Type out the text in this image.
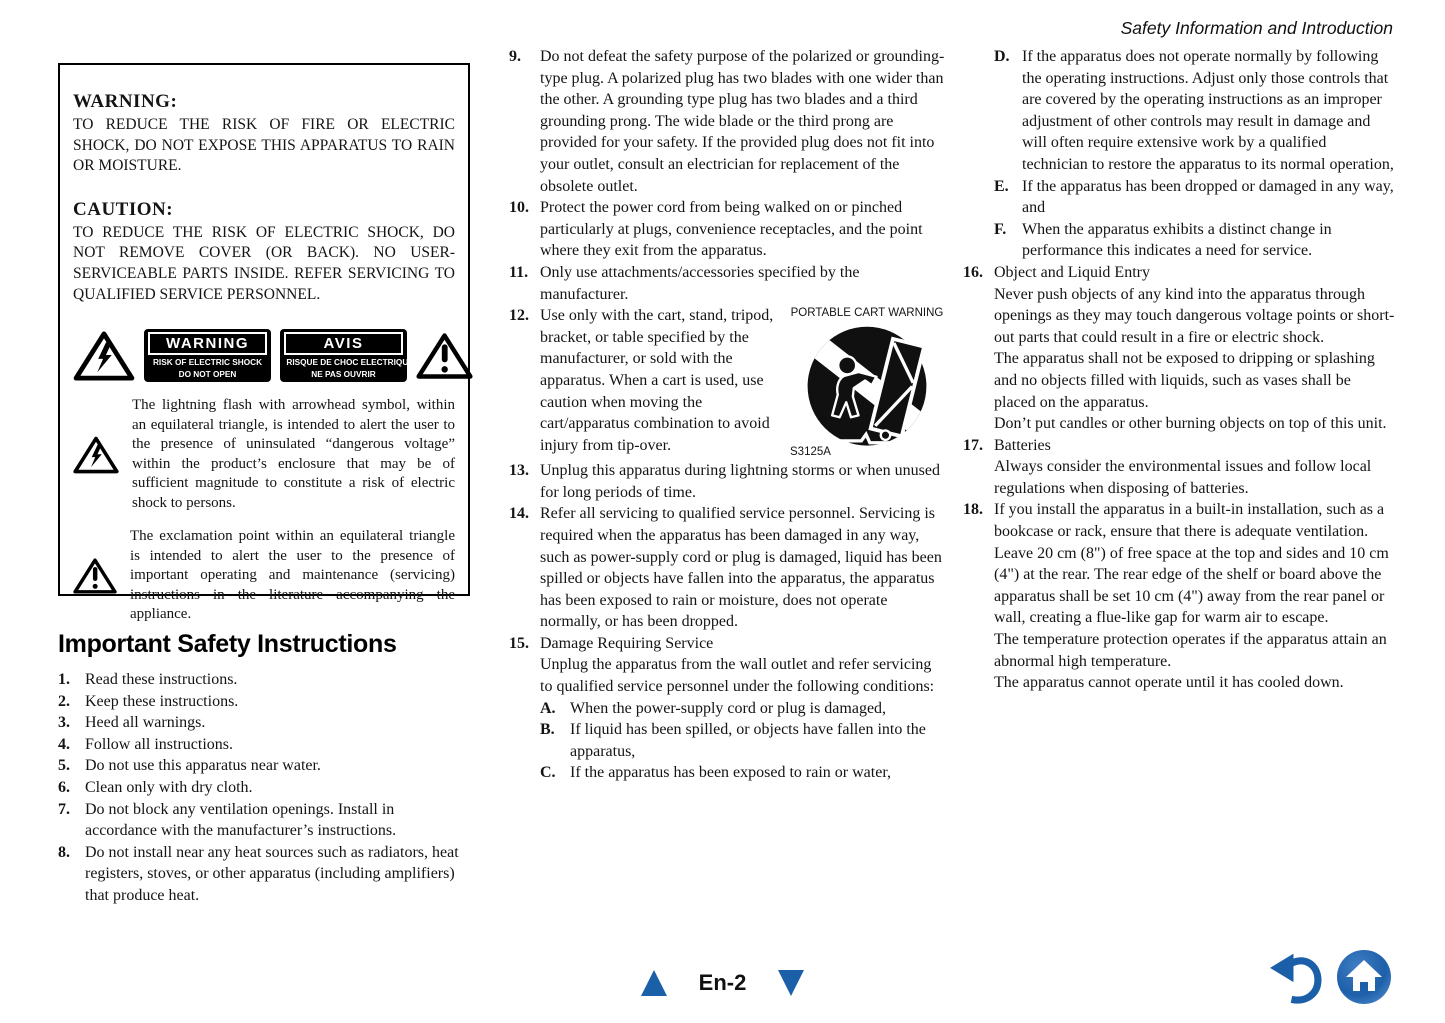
Safety Information and Introduction
WARNING:

TO REDUCE THE RISK OF FIRE OR ELECTRIC SHOCK, DO NOT EXPOSE THIS APPARATUS TO RAIN OR MOISTURE.

CAUTION:

TO REDUCE THE RISK OF ELECTRIC SHOCK, DO NOT REMOVE COVER (OR BACK). NO USER-SERVICEABLE PARTS INSIDE. REFER SERVICING TO QUALIFIED SERVICE PERSONNEL.

WARNING
RISK OF ELECTRIC SHOCK
DO NOT OPEN
AVIS
RISQUE DE CHOC ELECTRIQUE
NE PAS OUVRIR

The lightning flash with arrowhead symbol, within an equilateral triangle, is intended to alert the user to the presence of uninsulated “dangerous voltage” within the product’s enclosure that may be of sufficient magnitude to constitute a risk of electric shock to persons.

The exclamation point within an equilateral triangle is intended to alert the user to the presence of important operating and maintenance (servicing) instructions in the literature accompanying the appliance.

Important Safety Instructions
1. Read these instructions.
2. Keep these instructions.
3. Heed all warnings.
4. Follow all instructions.
5. Do not use this apparatus near water.
6. Clean only with dry cloth.
7. Do not block any ventilation openings. Install in accordance with the manufacturer’s instructions.
8. Do not install near any heat sources such as radiators, heat registers, stoves, or other apparatus (including amplifiers) that produce heat.
9.	Do not defeat the safety purpose of the polarized or grounding-type plug. A polarized plug has two blades with one wider than the other. A grounding type plug has two blades and a third grounding prong. The wide blade or the third prong are provided for your safety. If the provided plug does not fit into your outlet, consult an electrician for replacement of the obsolete outlet.
10. Protect the power cord from being walked on or pinched particularly at plugs, convenience receptacles, and the point where they exit from the apparatus.
11. Only use attachments/accessories specified by the manufacturer.
12.	PORTABLE CART WARNING
S3125A
Use only with the cart, stand, tripod, bracket, or table specified by the manufacturer, or sold with the apparatus. When a cart is used, use caution when moving the cart/apparatus combination to avoid injury from tip-over.
13. Unplug this apparatus during lightning storms or when unused for long periods of time.
14. Refer all servicing to qualified service personnel. Servicing is required when the apparatus has been damaged in any way, such as power-supply cord or plug is damaged, liquid has been spilled or objects have fallen into the apparatus, the apparatus has been exposed to rain or moisture, does not operate normally, or has been dropped.
15. Damage Requiring Service
Unplug the apparatus from the wall outlet and refer servicing to qualified service personnel under the following conditions:
A. When the power-supply cord or plug is damaged,
B. If liquid has been spilled, or objects have fallen into the apparatus,
C. If the apparatus has been exposed to rain or water,
D. If the apparatus does not operate normally by following the operating instructions. Adjust only those controls that are covered by the operating instructions as an improper adjustment of other controls may result in damage and will often require extensive work by a qualified technician to restore the apparatus to its normal operation,
E. If the apparatus has been dropped or damaged in any way, and
F. When the apparatus exhibits a distinct change in performance this indicates a need for service.
16. Object and Liquid Entry

Never push objects of any kind into the apparatus through openings as they may touch dangerous voltage points or short-out parts that could result in a fire or electric shock.

The apparatus shall not be exposed to dripping or splashing and no objects filled with liquids, such as vases shall be placed on the apparatus.

Don’t put candles or other burning objects on top of this unit.

17. Batteries

Always consider the environmental issues and follow local regulations when disposing of batteries.

18. If you install the apparatus in a built-in installation, such as a bookcase or rack, ensure that there is adequate ventilation.

Leave 20 cm (8") of free space at the top and sides and 10 cm (4") at the rear. The rear edge of the shelf or board above the apparatus shall be set 10 cm (4") away from the rear panel or wall, creating a flue-like gap for warm air to escape.

The temperature protection operates if the apparatus attain an abnormal high temperature.

The apparatus cannot operate until it has cooled down.

En-2
